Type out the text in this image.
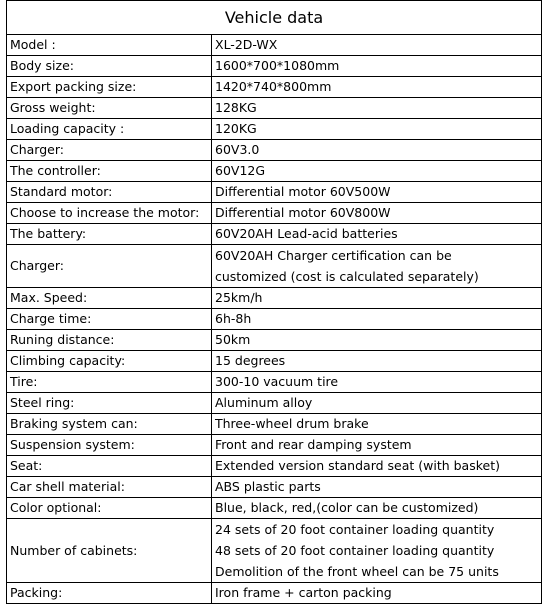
Vehicle data	
Model :	XL-2D-WX
Body size:	1600*700*1080mm
Export packing size:	1420*740*800mm
Gross weight:	128KG
Loading capacity :	120KG
Charger:	60V3.0
The controller:	60V12G
Standard motor:	Differential motor 60V500W
Choose to increase the motor:	Differential motor 60V800W
The battery:	60V20AH Lead-acid batteries
Charger:	60V20AH Charger certification can be
customized (cost is calculated separately)

Max. Speed:	25km/h
Charge time:	6h-8h
Runing distance:	50km
Climbing capacity:	15 degrees
Tire:	300-10 vacuum tire
Steel ring:	Aluminum alloy
Braking system can:	Three-wheel drum brake
Suspension system:	Front and rear damping system
Seat:	Extended version standard seat (with basket)
Car shell material:	ABS plastic parts
Color optional:	Blue, black, red,(color can be customized)
Number of cabinets:	24 sets of 20 foot container loading quantity
48 sets of 20 foot container loading quantity
Demolition of the front wheel can be 75 units

Packing:	Iron frame + carton packing
